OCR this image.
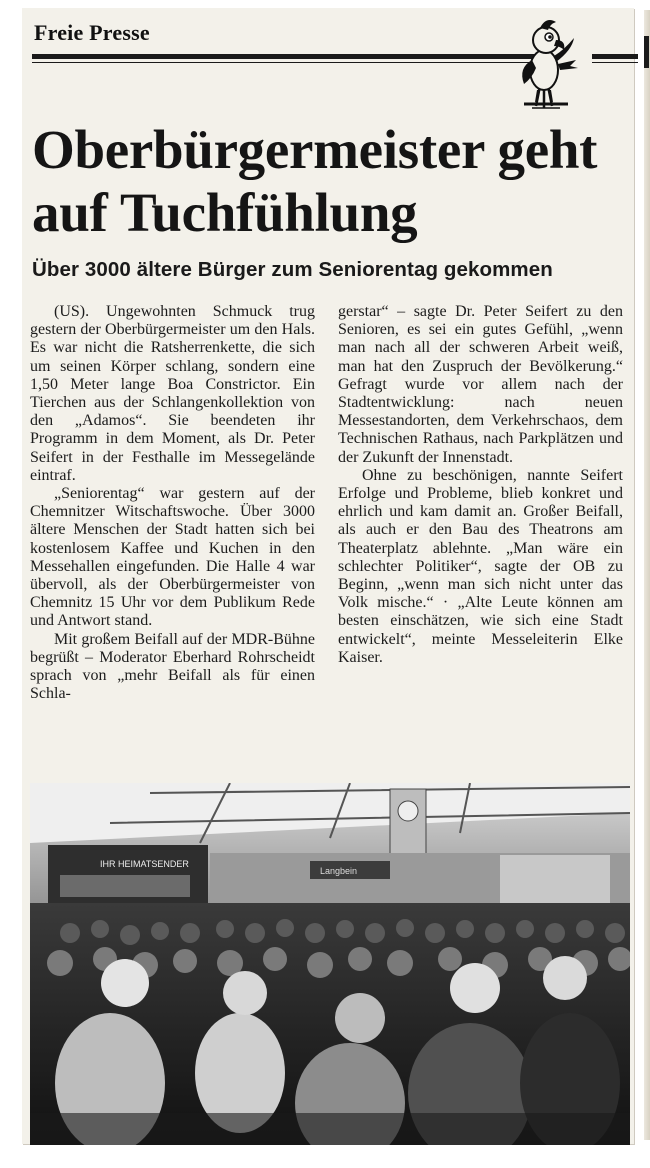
Freie Presse
Oberbürgermeister geht auf Tuchfühlung
Über 3000 ältere Bürger zum Seniorentag gekommen

(US). Ungewohnten Schmuck trug gestern der Oberbürgermeister um den Hals. Es war nicht die Ratsherrenkette, die sich um seinen Körper schlang, sondern eine 1,50 Meter lange Boa Constrictor. Ein Tierchen aus der Schlangenkollektion von den „Adamos“. Sie beendeten ihr Programm in dem Moment, als Dr. Peter Seifert in der Festhalle im Messegelände eintraf.

„Seniorentag“ war gestern auf der Chemnitzer Witschaftswoche. Über 3000 ältere Menschen der Stadt hatten sich bei kostenlosem Kaffee und Kuchen in den Messehallen eingefunden. Die Halle 4 war übervoll, als der Oberbürgermeister von Chemnitz 15 Uhr vor dem Publikum Rede und Antwort stand.

Mit großem Beifall auf der MDR-Bühne begrüßt – Moderator Eberhard Rohrscheidt sprach von „mehr Beifall als für einen Schla-

gerstar“ – sagte Dr. Peter Seifert zu den Senioren, es sei ein gutes Gefühl, „wenn man nach all der schweren Arbeit weiß, man hat den Zuspruch der Bevölkerung.“ Gefragt wurde vor allem nach der Stadtentwicklung: nach neuen Messestandorten, dem Verkehrschaos, dem Technischen Rathaus, nach Parkplätzen und der Zukunft der Innenstadt.

Ohne zu beschönigen, nannte Seifert Erfolge und Probleme, blieb konkret und ehrlich und kam damit an. Großer Beifall, als auch er den Bau des Theatrons am Theaterplatz ablehnte. „Man wäre ein schlechter Politiker“, sagte der OB zu Beginn, „wenn man sich nicht unter das Volk mische.“ · „Alte Leute können am besten einschätzen, wie sich eine Stadt entwickelt“, meinte Messeleiterin Elke Kaiser.

IHR HEIMATSENDER
Langbein
